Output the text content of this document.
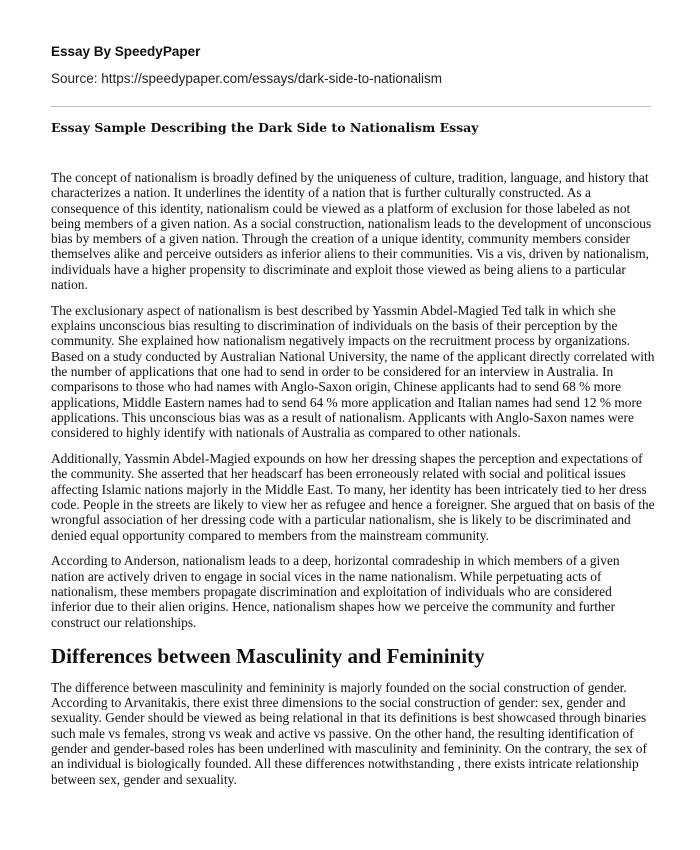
Essay By SpeedyPaper
Source: https://speedypaper.com/essays/dark-side-to-nationalism
Essay Sample Describing the Dark Side to Nationalism Essay

The concept of nationalism is broadly defined by the uniqueness of culture, tradition, language, and history that characterizes a nation. It underlines the identity of a nation that is further culturally constructed. As a consequence of this identity, nationalism could be viewed as a platform of exclusion for those labeled as not being members of a given nation. As a social construction, nationalism leads to the development of unconscious bias by members of a given nation. Through the creation of a unique identity, community members consider themselves alike and perceive outsiders as inferior aliens to their communities. Vis a vis, driven by nationalism, individuals have a higher propensity to discriminate and exploit those viewed as being aliens to a particular nation.

The exclusionary aspect of nationalism is best described by Yassmin Abdel-Magied Ted talk in which she explains unconscious bias resulting to discrimination of individuals on the basis of their perception by the community. She explained how nationalism negatively impacts on the recruitment process by organizations. Based on a study conducted by Australian National University, the name of the applicant directly correlated with the number of applications that one had to send in order to be considered for an interview in Australia. In comparisons to those who had names with Anglo-Saxon origin, Chinese applicants had to send 68 % more applications, Middle Eastern names had to send 64 % more application and Italian names had send 12 % more applications. This unconscious bias was as a result of nationalism. Applicants with Anglo-Saxon names were considered to highly identify with nationals of Australia as compared to other nationals.

Additionally, Yassmin Abdel-Magied expounds on how her dressing shapes the perception and expectations of the community. She asserted that her headscarf has been erroneously related with social and political issues affecting Islamic nations majorly in the Middle East. To many, her identity has been intricately tied to her dress code. People in the streets are likely to view her as refugee and hence a foreigner. She argued that on basis of the wrongful association of her dressing code with a particular nationalism, she is likely to be discriminated and denied equal opportunity compared to members from the mainstream community.

According to Anderson, nationalism leads to a deep, horizontal comradeship in which members of a given nation are actively driven to engage in social vices in the name nationalism. While perpetuating acts of nationalism, these members propagate discrimination and exploitation of individuals who are considered inferior due to their alien origins. Hence, nationalism shapes how we perceive the community and further construct our relationships.

Differences between Masculinity and Femininity

The difference between masculinity and femininity is majorly founded on the social construction of gender. According to Arvanitakis, there exist three dimensions to the social construction of gender: sex, gender and sexuality. Gender should be viewed as being relational in that its definitions is best showcased through binaries such male vs females, strong vs weak and active vs passive. On the other hand, the resulting identification of gender and gender-based roles has been underlined with masculinity and femininity. On the contrary, the sex of an individual is biologically founded. All these differences notwithstanding , there exists intricate relationship between sex, gender and sexuality.
